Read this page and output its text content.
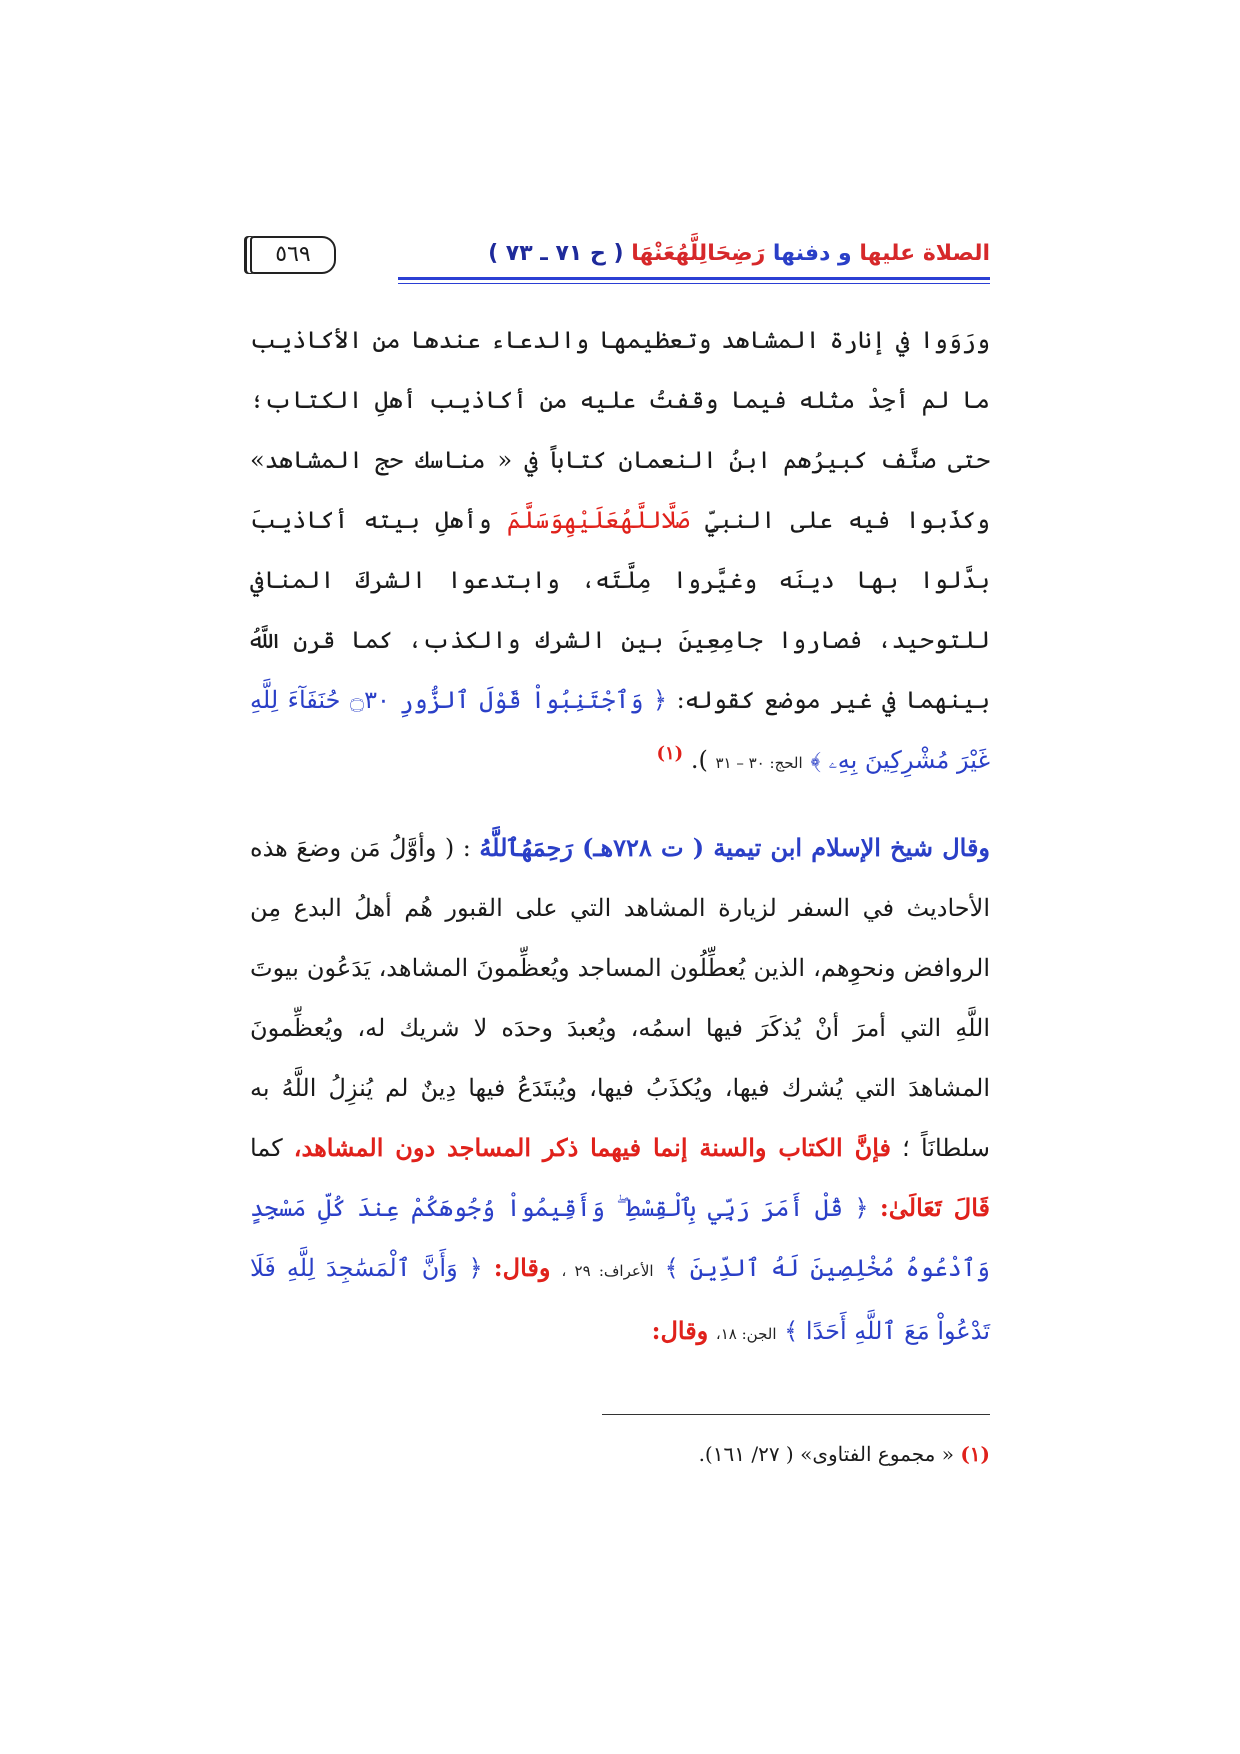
الصلاة عليها و دفنها رَضِحَالِلَّهُعَنْهَا ( ح ٧١ ـ ٧٣ )
٥٦٩
ورَوَوا في إنارة المشاهد وتعظيمها والدعاء عندها من الأكاذيب ما لم أجِدْ مثله فيما وقفتُ عليه من أكاذيب أهلِ الكتاب؛ حتى صنَّف كبيرُهم ابنُ النعمان كتاباً في « مناسك حج المشاهد» وكذَبوا فيه على النبيِّ صَلَّاللَّهُعَلَيْهِوَسَلَّمَ وأهلِ بيته أكاذيبَ بدَّلوا بها دينَه وغيَّروا مِلَّتَه، وابتدعوا الشركَ المنافي للتوحيد، فصاروا جامِعِينَ بين الشرك والكذب، كما قرن اللَّهُ بينهما في غير موضع كقوله: ﴿ وَٱجْتَنِبُواْ قَوْلَ ٱلزُّورِ ۝٣٠ حُنَفَآءَ لِلَّهِ غَيْرَ مُشْرِكِينَ بِهِۦ ﴾ الحج: ٣٠ – ٣١ ). $^{(١)}$
وقال شيخ الإسلام ابن تيمية ( ت ٧٢٨هـ) رَحِمَهُٱللَّهُ : ( وأوَّلُ مَن وضعَ هذه الأحاديث في السفر لزيارة المشاهد التي على القبور هُم أهلُ البدع مِن الروافض ونحوِهم، الذين يُعطِّلُون المساجد ويُعظِّمونَ المشاهد، يَدَعُون بيوتَ اللَّهِ التي أمرَ أنْ يُذكَرَ فيها اسمُه، ويُعبدَ وحدَه لا شريك له، ويُعظِّمونَ المشاهدَ التي يُشرك فيها، ويُكذَبُ فيها، ويُبتَدَعُ فيها دِينٌ لم يُنزِلُ اللَّهُ به سلطانَاً ؛ فإنَّ الكتاب والسنة إنما فيهما ذكر المساجد دون المشاهد، كما قَالَ تَعَالَىٰ: ﴿ قُلْ أَمَرَ رَبِّي بِٱلْقِسْطِ ۖ وَأَقِيمُواْ وُجُوهَكُمْ عِندَ كُلِّ مَسْجِدٍ وَٱدْعُوهُ مُخْلِصِينَ لَهُ ٱلدِّينَ ﴾ الأعراف: ٢٩ ، وقال: ﴿ وَأَنَّ ٱلْمَسَٰجِدَ لِلَّهِ فَلَا تَدْعُواْ مَعَ ٱللَّهِ أَحَدًا ﴾ الجن: ١٨، وقال:
(١) « مجموع الفتاوى» ( ٢٧/ ١٦١).
